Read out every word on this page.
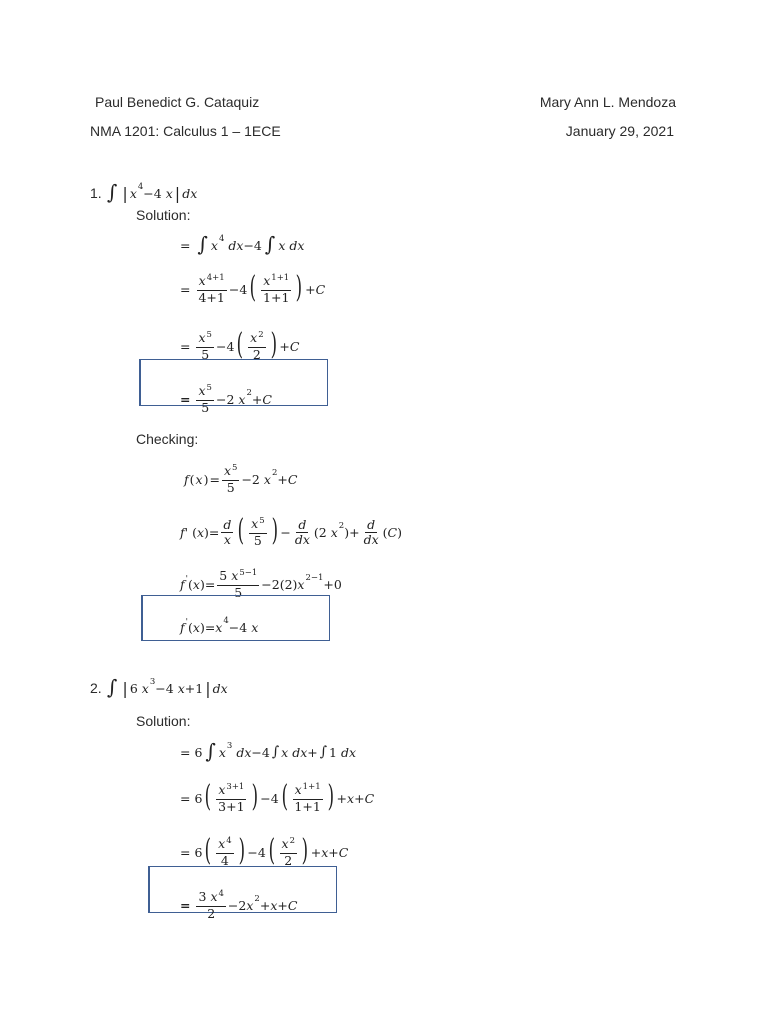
Paul Benedict G. Cataquiz	Mary Ann L. Mendoza
NMA 1201: Calculus 1 – 1ECE	January 29, 2021
1. ∫ | $x^4 -4$ x | dx
Solution:
= ∫ $x^4$ dx −4 ∫ x dx
= $\frac{x^{4+1}}{4+1} -4$ ( $\frac{x^{1+1}}{1+1}$ ) + C
= $\frac{x^5}{5} -4$ ( $\frac{x^2}{2}$ ) + C
= $\frac{x^5}{5} -2$ $x^2 + C$
Checking:
f ( x ) = $\frac{x^5}{5} -2$ $x^2 + C$
f ' ( x )= $\frac{d}{x}$ ( $\frac{x^5}{5}$ ) − $\frac{d}{dx} (2$ $x^2$ )+ $\frac{d}{dx}$ ( C )
f' ( x )= $\frac{5 x^{5-1}}{5} -2(2)$ $x^{2-1} +0$
f' ( x )= $x^4 -4$ x
2. ∫ | 6 $x^3 -4$ x +1 | dx
Solution:
= 6 ∫ $x^3$ dx −4 ∫ x dx + ∫ 1 dx
= 6 ( $\frac{x^{3+1}}{3+1}$ ) −4 ( $\frac{x^{1+1}}{1+1}$ ) + x + C
= 6 ( $\frac{x^4}{4}$ ) −4 ( $\frac{x^2}{2}$ ) + x + C
= $\frac{3 x^4}{2} -2$ $x^2 + x + C$
